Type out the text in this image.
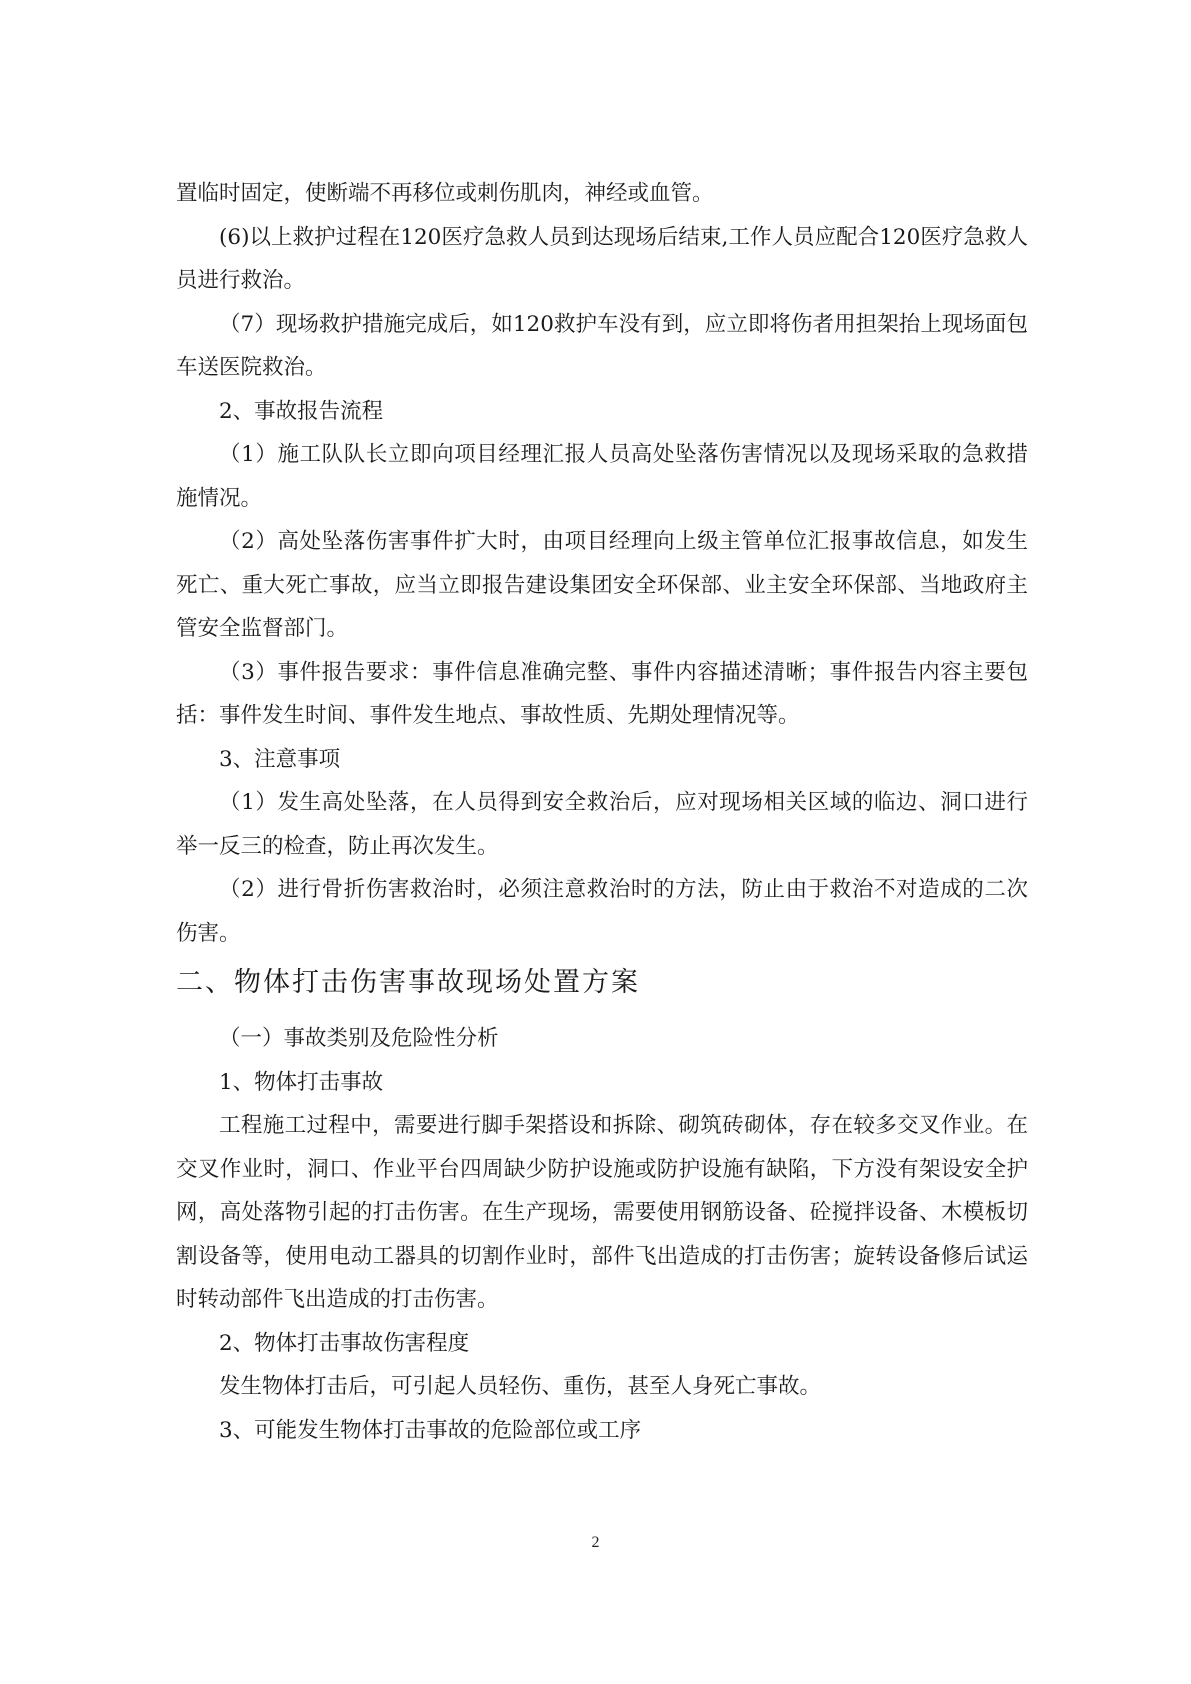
置临时固定，使断端不再移位或刺伤肌肉，神经或血管。

(6)以上救护过程在120医疗急救人员到达现场后结束,工作人员应配合120医疗急救人员进行救治。

（7）现场救护措施完成后，如120救护车没有到，应立即将伤者用担架抬上现场面包车送医院救治。

2、事故报告流程

（1）施工队队长立即向项目经理汇报人员高处坠落伤害情况以及现场采取的急救措施情况。

（2）高处坠落伤害事件扩大时，由项目经理向上级主管单位汇报事故信息，如发生死亡、重大死亡事故，应当立即报告建设集团安全环保部、业主安全环保部、当地政府主管安全监督部门。

（3）事件报告要求：事件信息准确完整、事件内容描述清晰；事件报告内容主要包括：事件发生时间、事件发生地点、事故性质、先期处理情况等。

3、注意事项

（1）发生高处坠落，在人员得到安全救治后，应对现场相关区域的临边、洞口进行举一反三的检查，防止再次发生。

（2）进行骨折伤害救治时，必须注意救治时的方法，防止由于救治不对造成的二次伤害。

二、物体打击伤害事故现场处置方案

（一）事故类别及危险性分析

1、物体打击事故

工程施工过程中，需要进行脚手架搭设和拆除、砌筑砖砌体，存在较多交叉作业。在交叉作业时，洞口、作业平台四周缺少防护设施或防护设施有缺陷，下方没有架设安全护网，高处落物引起的打击伤害。在生产现场，需要使用钢筋设备、砼搅拌设备、木模板切割设备等，使用电动工器具的切割作业时，部件飞出造成的打击伤害；旋转设备修后试运时转动部件飞出造成的打击伤害。

2、物体打击事故伤害程度

发生物体打击后，可引起人员轻伤、重伤，甚至人身死亡事故。

3、可能发生物体打击事故的危险部位或工序

2
